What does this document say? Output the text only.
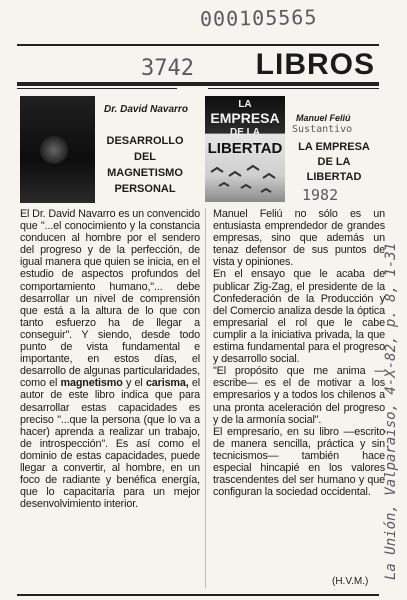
000105565
3742
Sustantivo
1982
La Unión, Valparaíso, 4-X-82, p. 8, 1-31
LIBROS
Dr. David Navarro
DESARROLLO
DEL
MAGNETISMO
PERSONAL
LA
EMPRESA
DE LA
LIBERTAD
Manuel Feliú
LA EMPRESA
DE LA
LIBERTAD

El Dr. David Navarro es un convencido que "...el conocimiento y la constancia conducen al hombre por el sendero del progreso y de la perfección, de igual manera que quien se inicia, en el estudio de aspectos profundos del comportamiento humano,"... debe desarrollar un nivel de comprensión que está a la altura de lo que con tanto esfuerzo ha de llegar a conseguir". Y siendo, desde todo punto de vista fundamental e importante, en estos días, el desarrollo de algunas particularidades, como el magnetismo y el carisma, el autor de este libro indica que para desarrollar estas capacidades es preciso "...que la persona (que lo va a hacer) aprenda a realizar un trabajo, de introspección". Es así como el dominio de estas capacidades, puede llegar a convertir, al hombre, en un foco de radiante y benéfica energía, que lo capacitaría para un mejor desenvolvimiento interior.

Manuel Feliú no sólo es un entusiasta emprendedor de grandes empresas, sino que además un tenaz defensor de sus puntos de vista y opiniones.
En el ensayo que le acaba de publicar Zig-Zag, el presidente de la Confederación de la Producción y del Comercio analiza desde la óptica empresarial el rol que le cabe cumplir a la iniciativa privada, la que estima fundamental para el progreso y desarrollo social.
"El propósito que me anima —escribe— es el de motivar a los empresarios y a todos los chilenos a una pronta aceleración del progreso y de la armonía social".
El empresario, en su libro —escrito de manera sencilla, práctica y sin tecnicismos— también hace especial hincapié en los valores trascendentes del ser humano y que configuran la sociedad occidental.

(H.V.M.)
